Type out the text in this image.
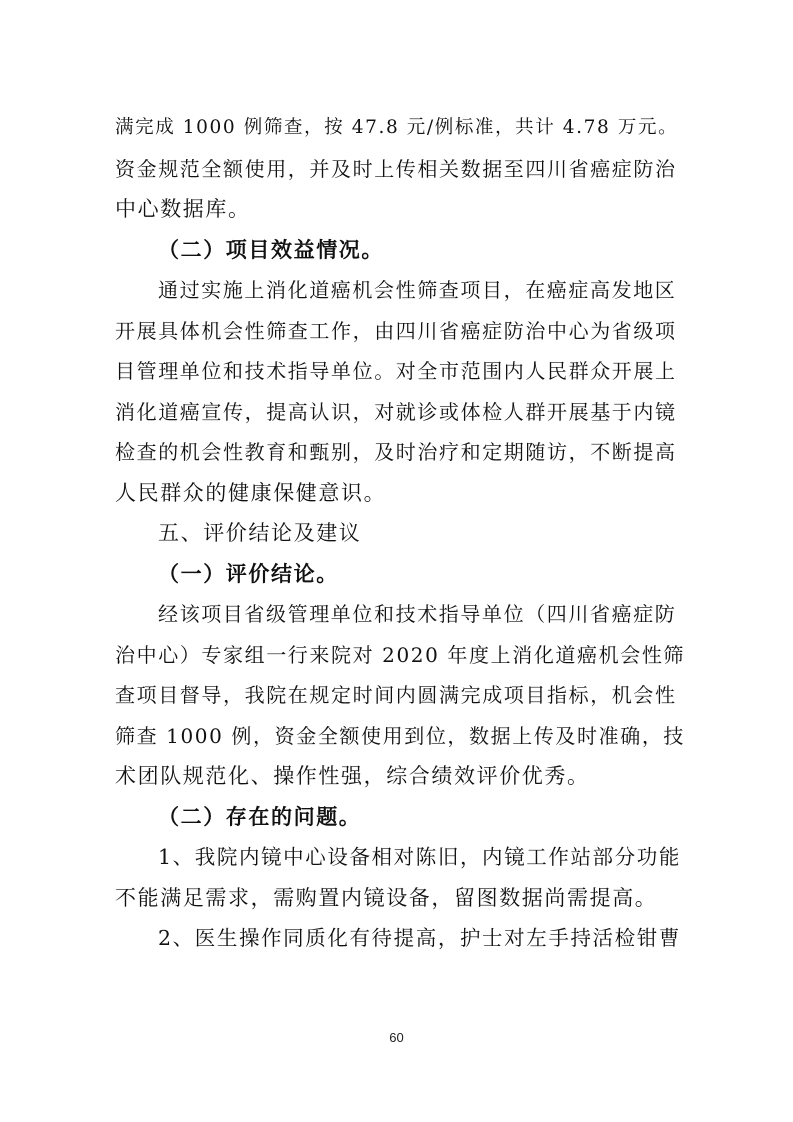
满完成 1000 例筛查，按 47.8 元/例标准，共计 4.78 万元。
资金规范全额使用，并及时上传相关数据至四川省癌症防治
中心数据库。
（二）项目效益情况。
通过实施上消化道癌机会性筛查项目，在癌症高发地区
开展具体机会性筛查工作，由四川省癌症防治中心为省级项
目管理单位和技术指导单位。对全市范围内人民群众开展上
消化道癌宣传，提高认识，对就诊或体检人群开展基于内镜
检查的机会性教育和甄别，及时治疗和定期随访，不断提高
人民群众的健康保健意识。
五、评价结论及建议
（一）评价结论。
经该项目省级管理单位和技术指导单位（四川省癌症防
治中心）专家组一行来院对 2020 年度上消化道癌机会性筛
查项目督导，我院在规定时间内圆满完成项目指标，机会性
筛查 1000 例，资金全额使用到位，数据上传及时准确，技
术团队规范化、操作性强，综合绩效评价优秀。
（二）存在的问题。
1、我院内镜中心设备相对陈旧，内镜工作站部分功能
不能满足需求，需购置内镜设备，留图数据尚需提高。
2、医生操作同质化有待提高，护士对左手持活检钳曹
60
